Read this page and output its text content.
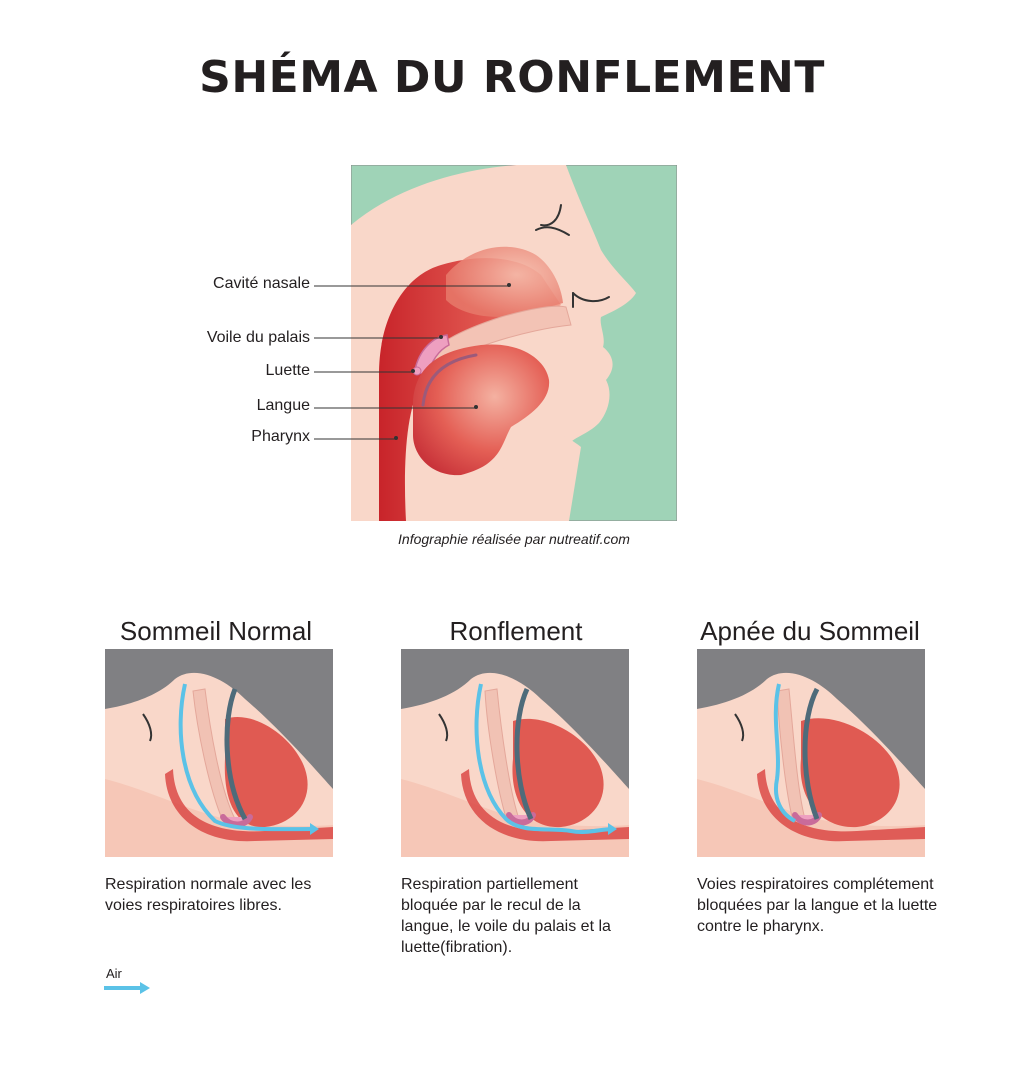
SHÉMA DU RONFLEMENT
Cavité nasale
Voile du palais
Luette
Langue
Pharynx
Infographie réalisée par nutreatif.com
Sommeil Normal	Ronflement	Apnée du Sommeil
Respiration normale avec les voies respiratoires libres.
Respiration partiellement bloquée par le recul de la langue, le voile du palais et la luette(fibration).
Voies respiratoires complétement bloquées par la langue et la luette contre le pharynx.
Air
